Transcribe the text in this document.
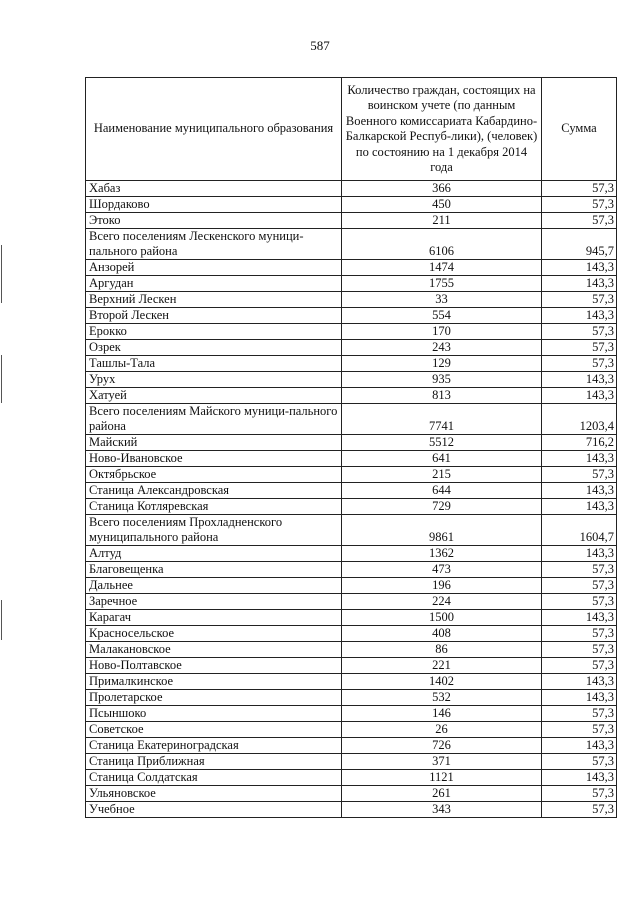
587
Наименование муниципального образования	Количество граждан, состоящих на воинском учете (по данным Военного комиссариата Кабардино-Балкарской Респуб-лики), (человек) по состоянию на 1 декабря 2014 года	Сумма
Хабаз	366	57,3
Шордаково	450	57,3
Этоко	211	57,3
Всего поселениям Лескенского муници-пального района	6106	945,7
Анзорей	1474	143,3
Аргудан	1755	143,3
Верхний Лескен	33	57,3
Второй Лескен	554	143,3
Ерокко	170	57,3
Озрек	243	57,3
Ташлы-Тала	129	57,3
Урух	935	143,3
Хатуей	813	143,3
Всего поселениям Майского муници-пального района	7741	1203,4
Майский	5512	716,2
Ново-Ивановское	641	143,3
Октябрьское	215	57,3
Станица Александровская	644	143,3
Станица Котляревская	729	143,3
Всего поселениям Прохладненского муниципального района	9861	1604,7
Алтуд	1362	143,3
Благовещенка	473	57,3
Дальнее	196	57,3
Заречное	224	57,3
Карагач	1500	143,3
Красносельское	408	57,3
Малакановское	86	57,3
Ново-Полтавское	221	57,3
Прималкинское	1402	143,3
Пролетарское	532	143,3
Псыншоко	146	57,3
Советское	26	57,3
Станица Екатериноградская	726	143,3
Станица Приближная	371	57,3
Станица Солдатская	1121	143,3
Ульяновское	261	57,3
Учебное	343	57,3
